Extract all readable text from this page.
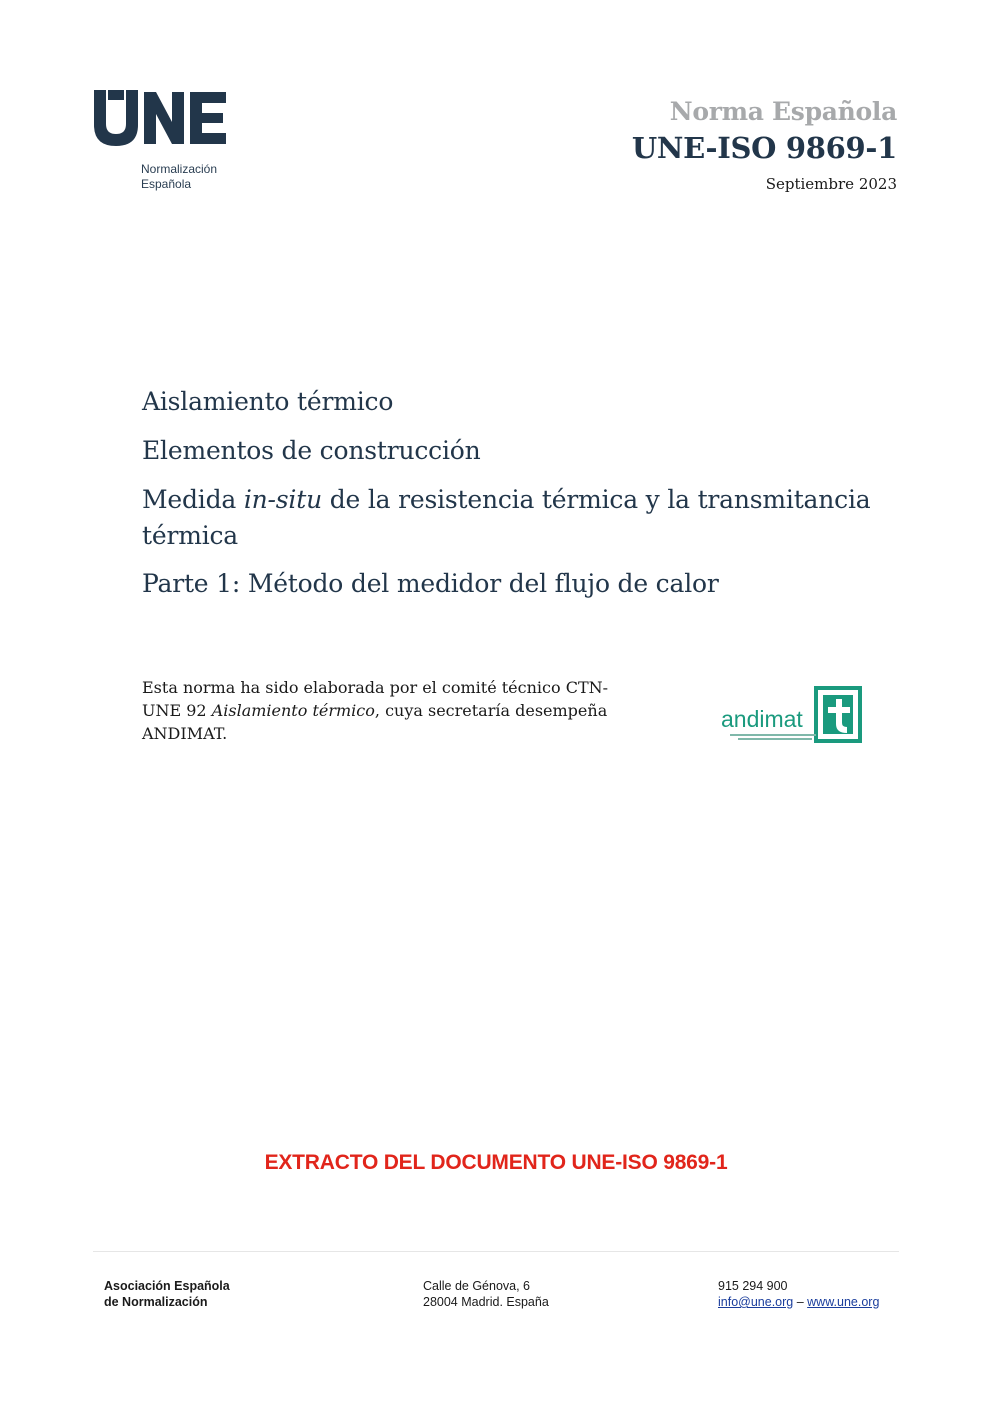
Normalización
Española
Norma Española
UNE-ISO 9869-1
Septiembre 2023
Aislamiento térmico
Elementos de construcción
Medida in-situ de la resistencia térmica y la transmitancia térmica
Parte 1: Método del medidor del flujo de calor
Esta norma ha sido elaborada por el comité técnico CTN-UNE 92 Aislamiento térmico, cuya secretaría desempeña ANDIMAT.
andimat
EXTRACTO DEL DOCUMENTO UNE-ISO 9869-1
Asociación Española
de Normalización
Calle de Génova, 6
28004 Madrid. España
915 294 900
info@une.org – www.une.org
